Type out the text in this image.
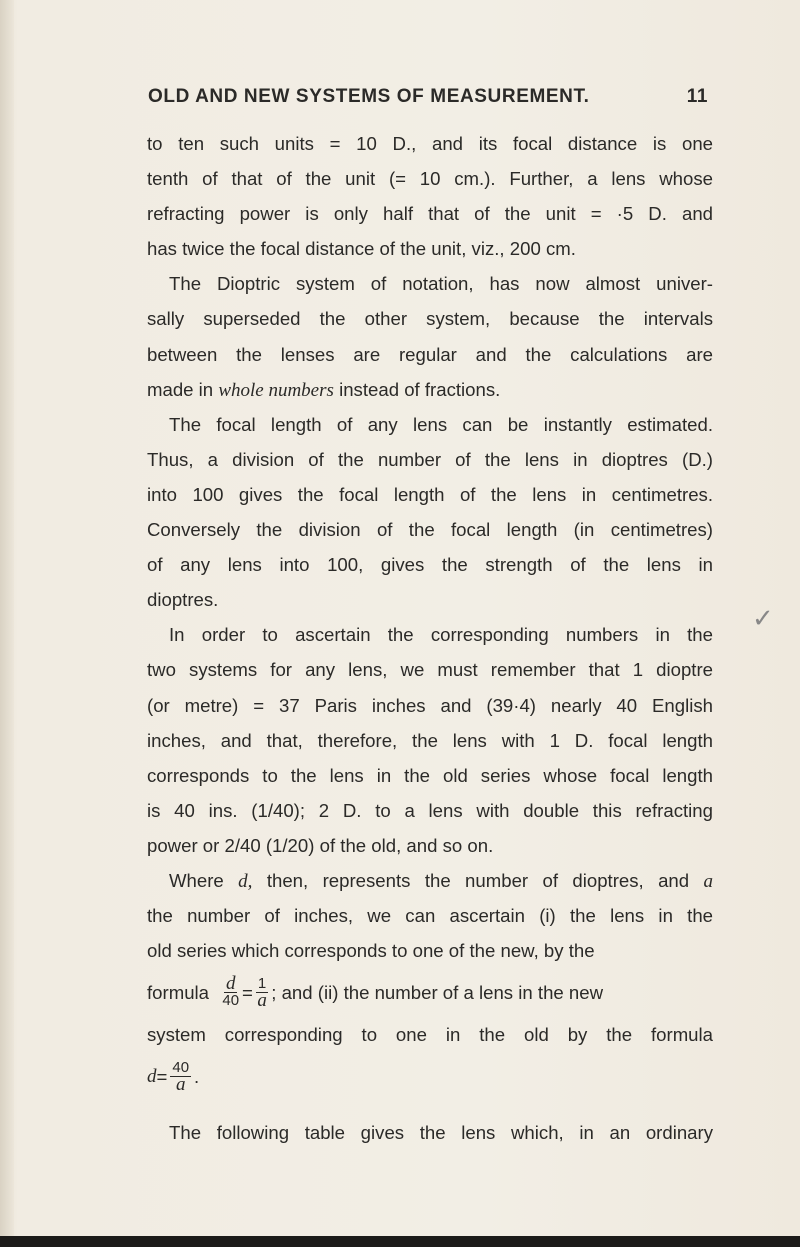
OLD AND NEW SYSTEMS OF MEASUREMENT.	11
to ten such units = 10 D., and its focal distance is one
tenth of that of the unit (= 10 cm.). Further, a lens whose
refracting power is only half that of the unit = ·5 D. and
has twice the focal distance of the unit, viz., 200 cm.
The Dioptric system of notation, has now almost univer-
sally superseded the other system, because the intervals
between the lenses are regular and the calculations are
made in whole numbers instead of fractions.
The focal length of any lens can be instantly estimated.
Thus, a division of the number of the lens in dioptres (D.)
into 100 gives the focal length of the lens in centimetres.
Conversely the division of the focal length (in centimetres)
of any lens into 100, gives the strength of the lens in
dioptres.
In order to ascertain the corresponding numbers in the
two systems for any lens, we must remember that 1 dioptre
(or metre) = 37 Paris inches and (39·4) nearly 40 English
inches, and that, therefore, the lens with 1 D. focal length
corresponds to the lens in the old series whose focal length
is 40 ins. (1/40); 2 D. to a lens with double this refracting
power or 2/40 (1/20) of the old, and so on.
Where d, then, represents the number of dioptres, and a
the number of inches, we can ascertain (i) the lens in the
old series which corresponds to one of the new, by the
formula
$\frac{d}{40} = \frac{1}{a}$ ; and (ii) the number of a lens in the new
system corresponding to one in the old by the formula
$d = \frac{40}{a}$ .
The following table gives the lens which, in an ordinary
✓
